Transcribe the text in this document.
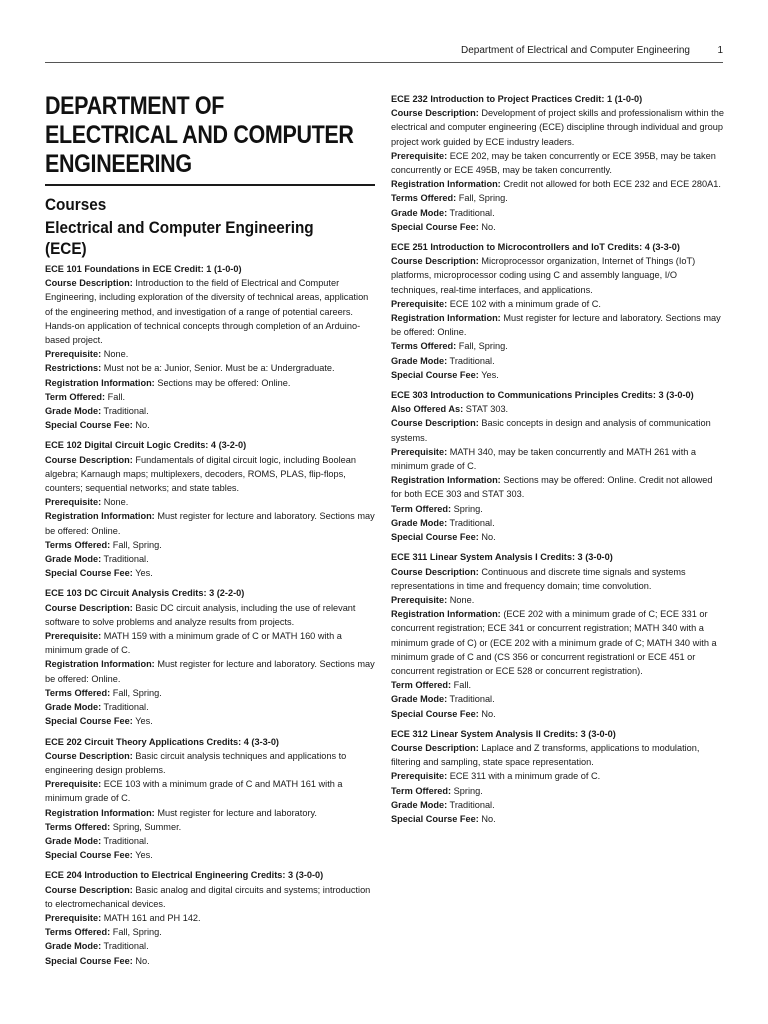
Department of Electrical and Computer Engineering	1
DEPARTMENT OF
ELECTRICAL AND COMPUTER
ENGINEERING
Courses
Electrical and Computer Engineering
(ECE)
ECE 101 Foundations in ECE Credit: 1 (1-0-0)
Course Description: Introduction to the field of Electrical and Computer Engineering, including exploration of the diversity of technical areas, application of the engineering method, and investigation of a range of potential careers. Hands-on application of technical concepts through completion of an Arduino-based project.
Prerequisite: None.
Restrictions: Must not be a: Junior, Senior. Must be a: Undergraduate.
Registration Information: Sections may be offered: Online.
Term Offered: Fall.
Grade Mode: Traditional.
Special Course Fee: No.
ECE 102 Digital Circuit Logic Credits: 4 (3-2-0)
Course Description: Fundamentals of digital circuit logic, including Boolean algebra; Karnaugh maps; multiplexers, decoders, ROMS, PLAS, flip-flops, counters; sequential networks; and state tables.
Prerequisite: None.
Registration Information: Must register for lecture and laboratory. Sections may be offered: Online.
Terms Offered: Fall, Spring.
Grade Mode: Traditional.
Special Course Fee: Yes.
ECE 103 DC Circuit Analysis Credits: 3 (2-2-0)
Course Description: Basic DC circuit analysis, including the use of relevant software to solve problems and analyze results from projects.
Prerequisite: MATH 159 with a minimum grade of C or MATH 160 with a minimum grade of C.
Registration Information: Must register for lecture and laboratory. Sections may be offered: Online.
Terms Offered: Fall, Spring.
Grade Mode: Traditional.
Special Course Fee: Yes.
ECE 202 Circuit Theory Applications Credits: 4 (3-3-0)
Course Description: Basic circuit analysis techniques and applications to engineering design problems.
Prerequisite: ECE 103 with a minimum grade of C and MATH 161 with a minimum grade of C.
Registration Information: Must register for lecture and laboratory.
Terms Offered: Spring, Summer.
Grade Mode: Traditional.
Special Course Fee: Yes.
ECE 204 Introduction to Electrical Engineering Credits: 3 (3-0-0)
Course Description: Basic analog and digital circuits and systems; introduction to electromechanical devices.
Prerequisite: MATH 161 and PH 142.
Terms Offered: Fall, Spring.
Grade Mode: Traditional.
Special Course Fee: No.
ECE 232 Introduction to Project Practices Credit: 1 (1-0-0)
Course Description: Development of project skills and professionalism within the electrical and computer engineering (ECE) discipline through individual and group project work guided by ECE industry leaders.
Prerequisite: ECE 202, may be taken concurrently or ECE 395B, may be taken concurrently or ECE 495B, may be taken concurrently.
Registration Information: Credit not allowed for both ECE 232 and ECE 280A1.
Terms Offered: Fall, Spring.
Grade Mode: Traditional.
Special Course Fee: No.
ECE 251 Introduction to Microcontrollers and IoT Credits: 4 (3-3-0)
Course Description: Microprocessor organization, Internet of Things (IoT) platforms, microprocessor coding using C and assembly language, I/O techniques, real-time interfaces, and applications.
Prerequisite: ECE 102 with a minimum grade of C.
Registration Information: Must register for lecture and laboratory. Sections may be offered: Online.
Terms Offered: Fall, Spring.
Grade Mode: Traditional.
Special Course Fee: Yes.
ECE 303 Introduction to Communications Principles Credits: 3 (3-0-0)
Also Offered As: STAT 303.
Course Description: Basic concepts in design and analysis of communication systems.
Prerequisite: MATH 340, may be taken concurrently and MATH 261 with a minimum grade of C.
Registration Information: Sections may be offered: Online. Credit not allowed for both ECE 303 and STAT 303.
Term Offered: Spring.
Grade Mode: Traditional.
Special Course Fee: No.
ECE 311 Linear System Analysis I Credits: 3 (3-0-0)
Course Description: Continuous and discrete time signals and systems representations in time and frequency domain; time convolution.
Prerequisite: None.
Registration Information: (ECE 202 with a minimum grade of C; ECE 331 or concurrent registration; ECE 341 or concurrent registration; MATH 340 with a minimum grade of C) or (ECE 202 with a minimum grade of C; MATH 340 with a minimum grade of C and (CS 356 or concurrent registrationl or ECE 451 or concurrent registration or ECE 528 or concurrent registration).
Term Offered: Fall.
Grade Mode: Traditional.
Special Course Fee: No.
ECE 312 Linear System Analysis II Credits: 3 (3-0-0)
Course Description: Laplace and Z transforms, applications to modulation, filtering and sampling, state space representation.
Prerequisite: ECE 311 with a minimum grade of C.
Term Offered: Spring.
Grade Mode: Traditional.
Special Course Fee: No.
